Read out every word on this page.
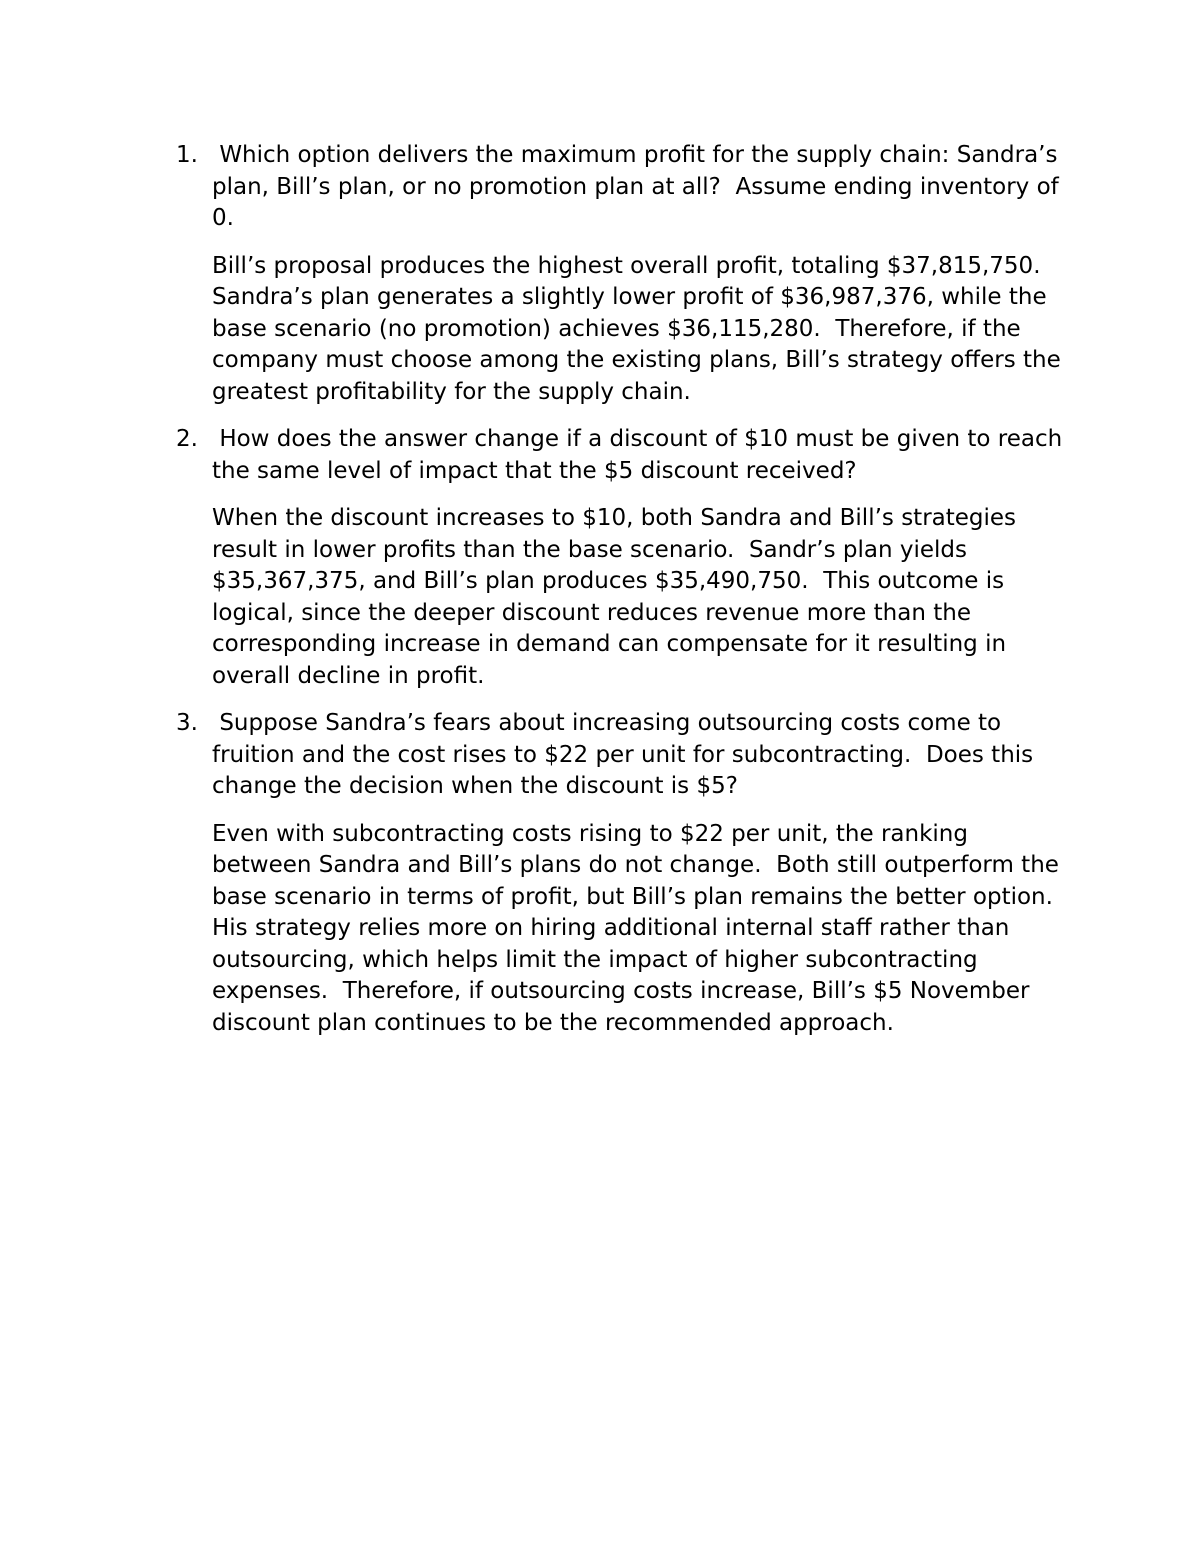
1. Which option delivers the maximum profit for the supply chain: Sandra’s plan, Bill’s plan, or no promotion plan at all?  Assume ending inventory of 0.

Bill’s proposal produces the highest overall profit, totaling $37,815,750.  Sandra’s plan generates a slightly lower profit of $36,987,376, while the base scenario (no promotion) achieves $36,115,280.  Therefore, if the company must choose among the existing plans, Bill’s strategy offers the greatest profitability for the supply chain.

2. How does the answer change if a discount of $10 must be given to reach the same level of impact that the $5 discount received?

When the discount increases to $10, both Sandra and Bill’s strategies result in lower profits than the base scenario.  Sandr’s plan yields $35,367,375, and Bill’s plan produces $35,490,750.  This outcome is logical, since the deeper discount reduces revenue more than the corresponding increase in demand can compensate for it resulting in overall decline in profit.

3. Suppose Sandra’s fears about increasing outsourcing costs come to fruition and the cost rises to $22 per unit for subcontracting.  Does this change the decision when the discount is $5?

Even with subcontracting costs rising to $22 per unit, the ranking between Sandra and Bill’s plans do not change.  Both still outperform the base scenario in terms of profit, but Bill’s plan remains the better option.  His strategy relies more on hiring additional internal staff rather than outsourcing, which helps limit the impact of higher subcontracting expenses.  Therefore, if outsourcing costs increase, Bill’s $5 November discount plan continues to be the recommended approach.
